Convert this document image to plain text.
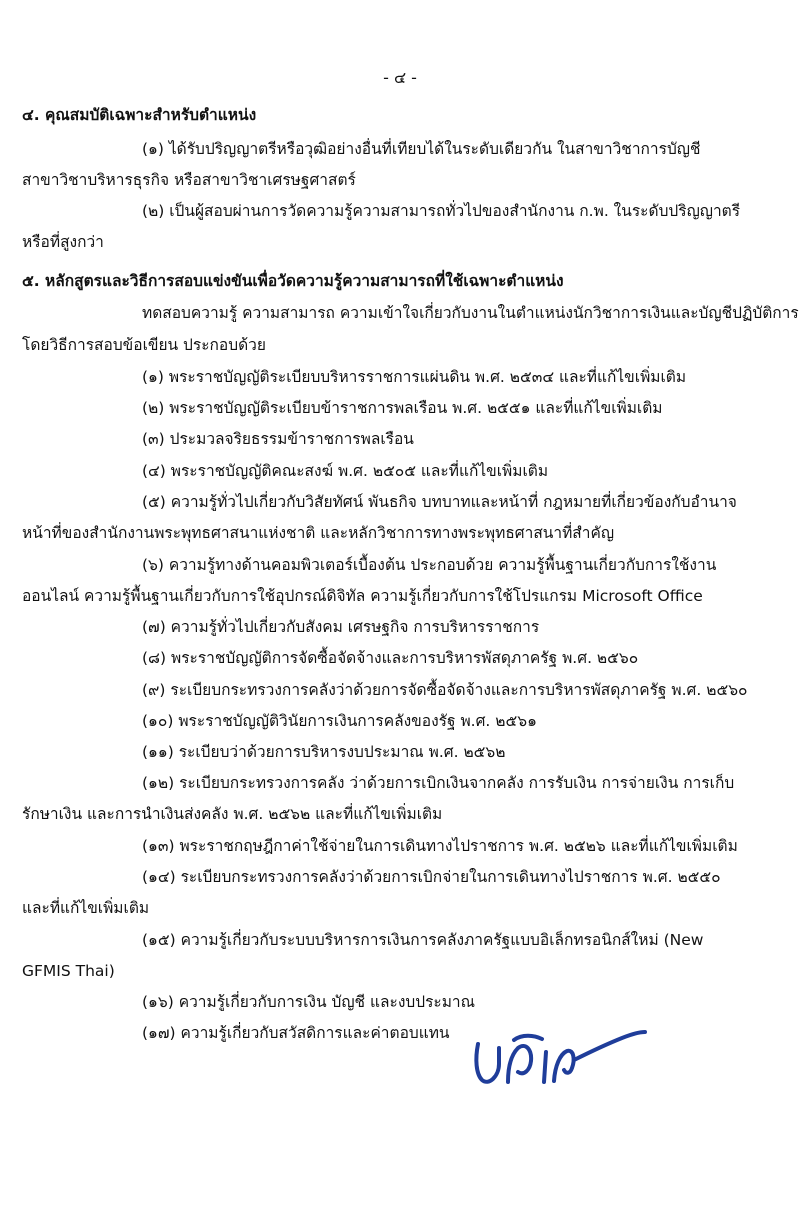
- ๔ -
๔. คุณสมบัติเฉพาะสำหรับตำแหน่ง
(๑) ได้รับปริญญาตรีหรือวุฒิอย่างอื่นที่เทียบได้ในระดับเดียวกัน ในสาขาวิชาการบัญชี
สาขาวิชาบริหารธุรกิจ หรือสาขาวิชาเศรษฐศาสตร์
(๒) เป็นผู้สอบผ่านการวัดความรู้ความสามารถทั่วไปของสำนักงาน ก.พ. ในระดับปริญญาตรี
หรือที่สูงกว่า
๕. หลักสูตรและวิธีการสอบแข่งขันเพื่อวัดความรู้ความสามารถที่ใช้เฉพาะตำแหน่ง
ทดสอบความรู้ ความสามารถ ความเข้าใจเกี่ยวกับงานในตำแหน่งนักวิชาการเงินและบัญชีปฏิบัติการ
โดยวิธีการสอบข้อเขียน ประกอบด้วย
(๑) พระราชบัญญัติระเบียบบริหารราชการแผ่นดิน พ.ศ. ๒๕๓๔ และที่แก้ไขเพิ่มเติม
(๒) พระราชบัญญัติระเบียบข้าราชการพลเรือน พ.ศ. ๒๕๕๑ และที่แก้ไขเพิ่มเติม
(๓) ประมวลจริยธรรมข้าราชการพลเรือน
(๔) พระราชบัญญัติคณะสงฆ์ พ.ศ. ๒๕๐๕ และที่แก้ไขเพิ่มเติม
(๕) ความรู้ทั่วไปเกี่ยวกับวิสัยทัศน์ พันธกิจ บทบาทและหน้าที่ กฎหมายที่เกี่ยวข้องกับอำนาจ
หน้าที่ของสำนักงานพระพุทธศาสนาแห่งชาติ และหลักวิชาการทางพระพุทธศาสนาที่สำคัญ
(๖) ความรู้ทางด้านคอมพิวเตอร์เบื้องต้น ประกอบด้วย ความรู้พื้นฐานเกี่ยวกับการใช้งาน
ออนไลน์ ความรู้พื้นฐานเกี่ยวกับการใช้อุปกรณ์ดิจิทัล ความรู้เกี่ยวกับการใช้โปรแกรม Microsoft Office
(๗) ความรู้ทั่วไปเกี่ยวกับสังคม เศรษฐกิจ การบริหารราชการ
(๘) พระราชบัญญัติการจัดซื้อจัดจ้างและการบริหารพัสดุภาครัฐ พ.ศ. ๒๕๖๐
(๙) ระเบียบกระทรวงการคลังว่าด้วยการจัดซื้อจัดจ้างและการบริหารพัสดุภาครัฐ พ.ศ. ๒๕๖๐
(๑๐) พระราชบัญญัติวินัยการเงินการคลังของรัฐ พ.ศ. ๒๕๖๑
(๑๑) ระเบียบว่าด้วยการบริหารงบประมาณ พ.ศ. ๒๕๖๒
(๑๒) ระเบียบกระทรวงการคลัง ว่าด้วยการเบิกเงินจากคลัง การรับเงิน การจ่ายเงิน การเก็บ
รักษาเงิน และการนำเงินส่งคลัง พ.ศ. ๒๕๖๒ และที่แก้ไขเพิ่มเติม
(๑๓) พระราชกฤษฎีกาค่าใช้จ่ายในการเดินทางไปราชการ พ.ศ. ๒๕๒๖ และที่แก้ไขเพิ่มเติม
(๑๔) ระเบียบกระทรวงการคลังว่าด้วยการเบิกจ่ายในการเดินทางไปราชการ พ.ศ. ๒๕๕๐
และที่แก้ไขเพิ่มเติม
(๑๕) ความรู้เกี่ยวกับระบบบริหารการเงินการคลังภาครัฐแบบอิเล็กทรอนิกส์ใหม่ (New
GFMIS Thai)
(๑๖) ความรู้เกี่ยวกับการเงิน บัญชี และงบประมาณ
(๑๗) ความรู้เกี่ยวกับสวัสดิการและค่าตอบแทน
